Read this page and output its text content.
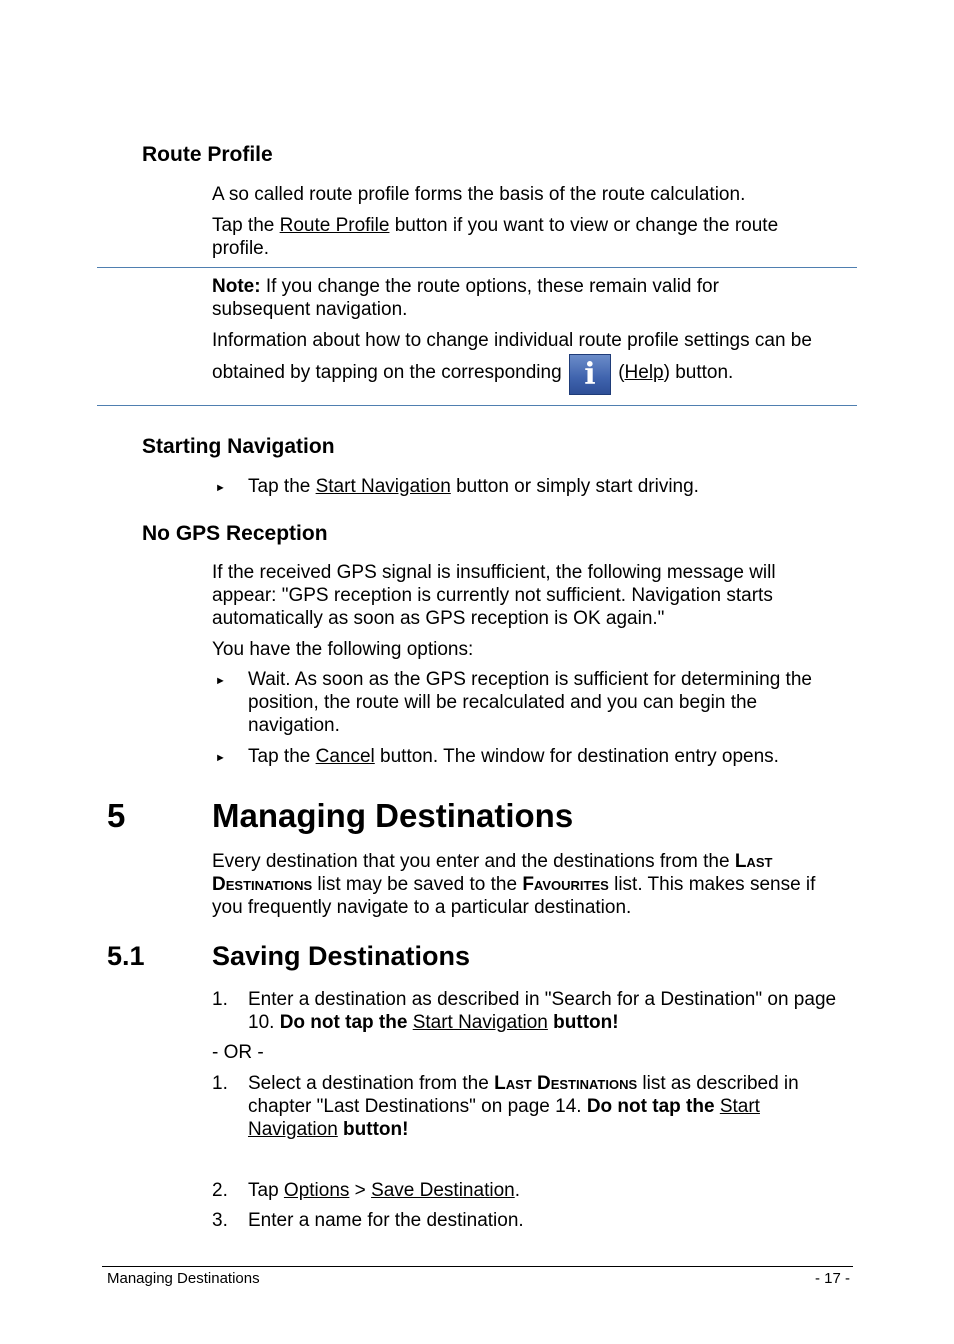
Route Profile

A so called route profile forms the basis of the route calculation.

Tap the Route Profile button if you want to view or change the route profile.

Note: If you change the route options, these remain valid for subsequent navigation.

Information about how to change individual route profile settings can be

obtained by tapping on the corresponding i (Help) button.

Starting Navigation
► Tap the Start Navigation button or simply start driving.

No GPS Reception

If the received GPS signal is insufficient, the following message will appear: "GPS reception is currently not sufficient. Navigation starts automatically as soon as GPS reception is OK again."

You have the following options:

► Wait. As soon as the GPS reception is sufficient for determining the position, the route will be recalculated and you can begin the navigation.

► Tap the Cancel button. The window for destination entry opens.

5	Managing Destinations

Every destination that you enter and the destinations from the Last Destinations list may be saved to the Favourites list. This makes sense if you frequently navigate to a particular destination.

5.1 Saving Destinations
1. Enter a destination as described in "Search for a Destination" on page 10. Do not tap the Start Navigation button!

- OR -

1. Select a destination from the Last Destinations list as described in chapter "Last Destinations" on page 14. Do not tap the Start Navigation button!

2. Tap Options > Save Destination.

3. Enter a name for the destination.

Managing Destinations	- 17 -
